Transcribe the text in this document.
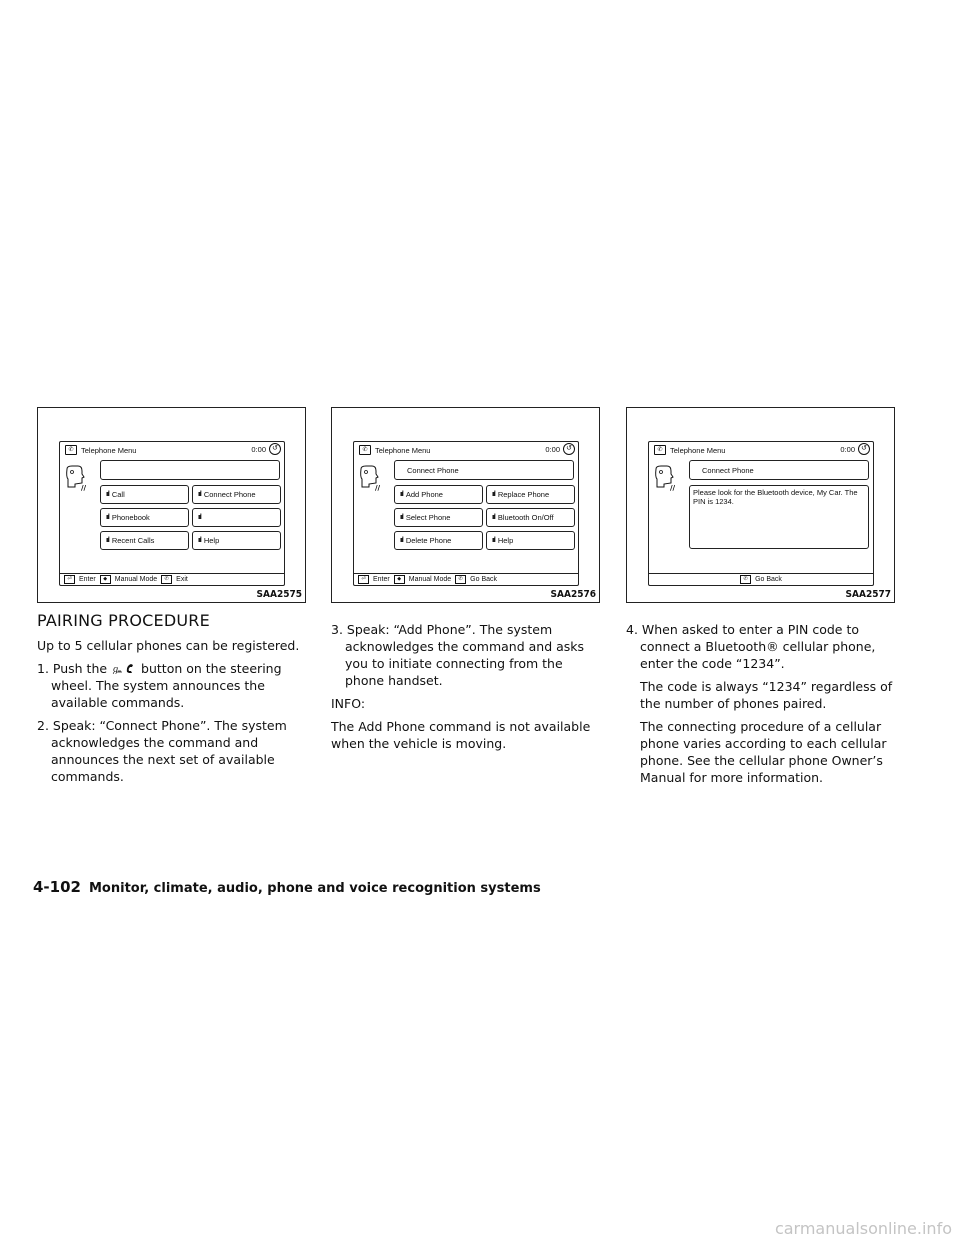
✆ Telephone Menu	0:00 ↺
//
ııl Call	ııl Connect Phone
ııl Phonebook	ııl
ııl Recent Calls	ııl Help
⏎	Enter	◆	Manual Mode	✆	Exit
SAA2575
✆ Telephone Menu	0:00 ↺
//
Connect Phone
ııl Add Phone	ııl Replace Phone
ııl Select Phone	ııl Bluetooth On/Off
ııl Delete Phone	ııl Help
⏎	Enter	◆	Manual Mode	✆	Go Back
SAA2576
✆ Telephone Menu	0:00 ↺
//
Connect Phone
Please look for the Bluetooth device, My Car. The PIN is 1234.
✆	Go Back
SAA2577
PAIRING PROCEDURE

Up to 5 cellular phones can be registered.

1. Push the ℊ button on the steering wheel. The system announces the available commands.
2. Speak: “Connect Phone”. The system acknowledges the command and announces the next set of available commands.
3. Speak: “Add Phone”. The system acknowledges the command and asks you to initiate connecting from the phone handset.

INFO:

The Add Phone command is not available when the vehicle is moving.

4. When asked to enter a PIN code to connect a Bluetooth® cellular phone, enter the code “1234”.

The code is always “1234” regardless of the number of phones paired.

The connecting procedure of a cellular phone varies according to each cellular phone. See the cellular phone Owner’s Manual for more information.

4-102 Monitor, climate, audio, phone and voice recognition systems
carmanualsonline.info
